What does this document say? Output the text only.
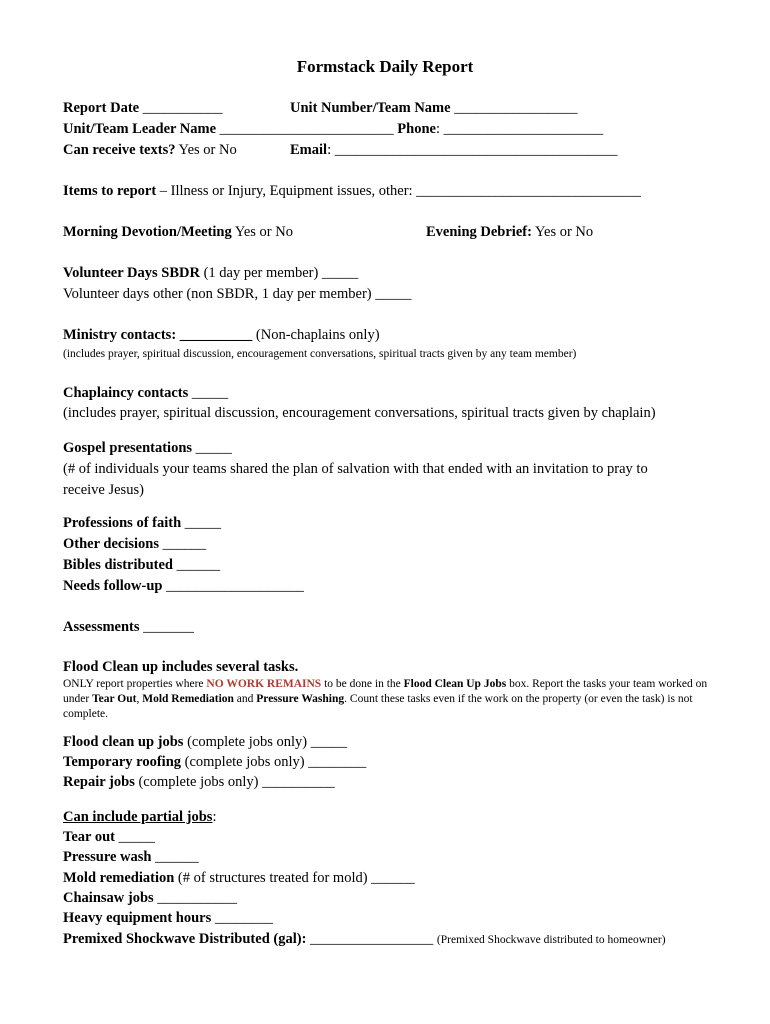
Formstack Daily Report
Report Date ___________	Unit Number/Team Name _________________
Unit/Team Leader Name ________________________ Phone: ______________________
Can receive texts? Yes or No	Email: _______________________________________
Items to report – Illness or Injury, Equipment issues, other: _______________________________
Morning Devotion/Meeting Yes or No	Evening Debrief: Yes or No
Volunteer Days SBDR (1 day per member) _____
Volunteer days other (non SBDR, 1 day per member) _____
Ministry contacts: __________ (Non-chaplains only)
(includes prayer, spiritual discussion, encouragement conversations, spiritual tracts given by any team member)
Chaplaincy contacts _____
(includes prayer, spiritual discussion, encouragement conversations, spiritual tracts given by chaplain)
Gospel presentations _____
(# of individuals your teams shared the plan of salvation with that ended with an invitation to pray to
receive Jesus)
Professions of faith _____
Other decisions ______
Bibles distributed ______
Needs follow-up ___________________
Assessments _______
Flood Clean up includes several tasks.
ONLY report properties where NO WORK REMAINS to be done in the Flood Clean Up Jobs box. Report the tasks your team worked on under Tear Out, Mold Remediation and Pressure Washing. Count these tasks even if the work on the property (or even the task) is not complete.
Flood clean up jobs (complete jobs only) _____
Temporary roofing (complete jobs only) ________
Repair jobs (complete jobs only) __________
Can include partial jobs:
Tear out _____
Pressure wash ______
Mold remediation (# of structures treated for mold) ______
Chainsaw jobs ___________
Heavy equipment hours ________
Premixed Shockwave Distributed (gal): _________________ (Premixed Shockwave distributed to homeowner)
